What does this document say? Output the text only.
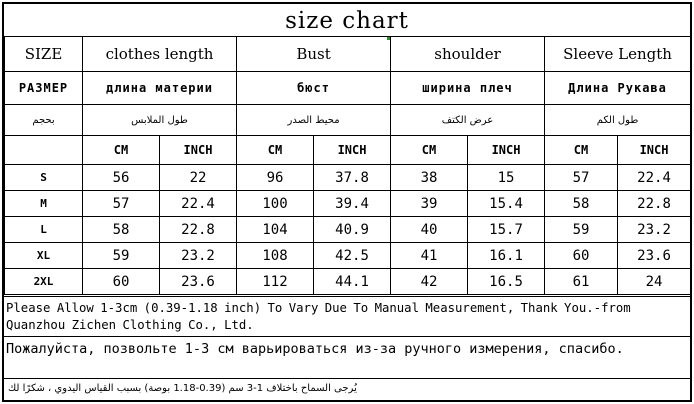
size chart
SIZE	clothes length		Bust		shoulder		Sleeve Length	
РАЗМЕР	длина материи		бюст		ширина плеч		Длина Рукава	
بحجم	طول الملابس		محيط الصدر		عرض الكتف		طول الكم	
	CM	INCH	CM	INCH	CM	INCH	CM	INCH
S	56	22	96	37.8	38	15	57	22.4
M	57	22.4	100	39.4	39	15.4	58	22.8
L	58	22.8	104	40.9	40	15.7	59	23.2
XL	59	23.2	108	42.5	41	16.1	60	23.6
2XL	60	23.6	112	44.1	42	16.5	61	24
Please Allow 1-3cm (0.39-1.18 inch) To Vary Due To Manual Measurement, Thank You.-from Quanzhou Zichen Clothing Co., Ltd.
Пожалуйста, позвольте 1-3 см варьироваться из-за ручного измерения, спасибо.
يُرجى السماح باختلاف 1-3 سم (0.39-1.18 بوصة) بسبب القياس اليدوي ، شكرًا لك
